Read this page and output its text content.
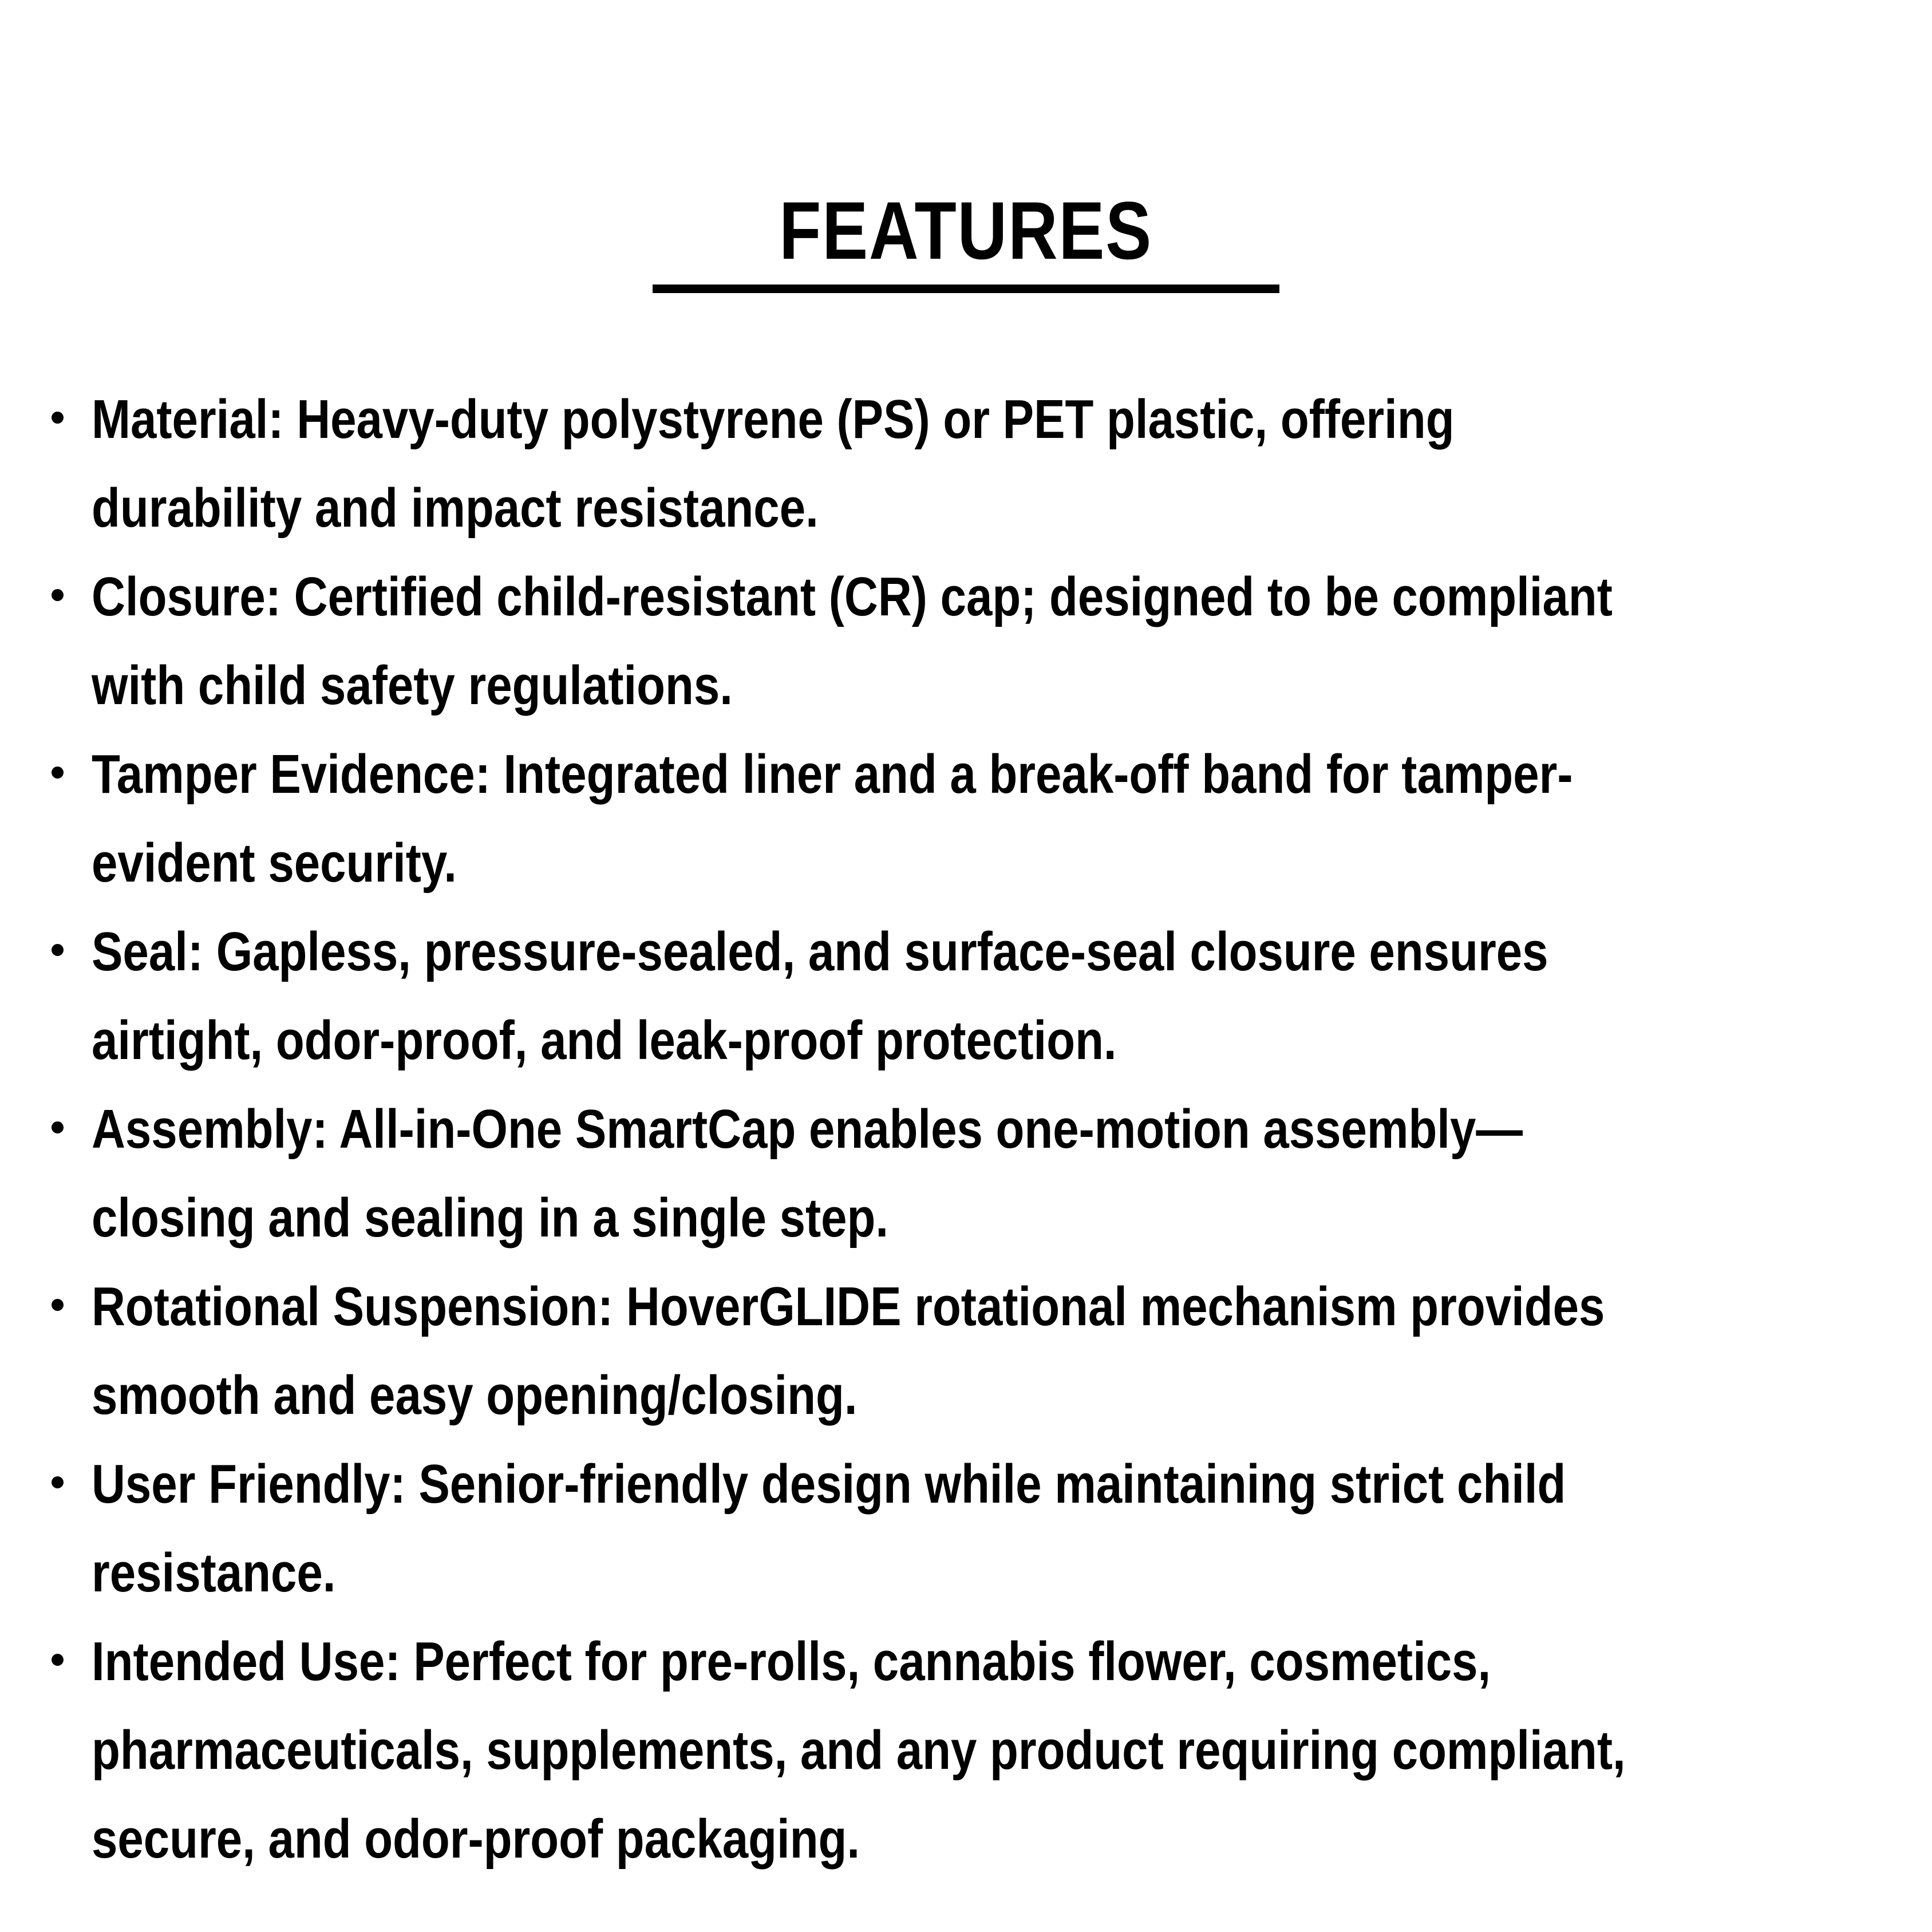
FEATURES
Material: Heavy-duty polystyrene (PS) or PET plastic, offering
durability and impact resistance.
Closure: Certified child-resistant (CR) cap; designed to be compliant
with child safety regulations.
Tamper Evidence: Integrated liner and a break-off band for tamper-
evident security.
Seal: Gapless, pressure-sealed, and surface-seal closure ensures
airtight, odor-proof, and leak-proof protection.
Assembly: All-in-One SmartCap enables one-motion assembly—
closing and sealing in a single step.
Rotational Suspension: HoverGLIDE rotational mechanism provides
smooth and easy opening/closing.
User Friendly: Senior-friendly design while maintaining strict child
resistance.
Intended Use: Perfect for pre-rolls, cannabis flower, cosmetics,
pharmaceuticals, supplements, and any product requiring compliant,
secure, and odor-proof packaging.
